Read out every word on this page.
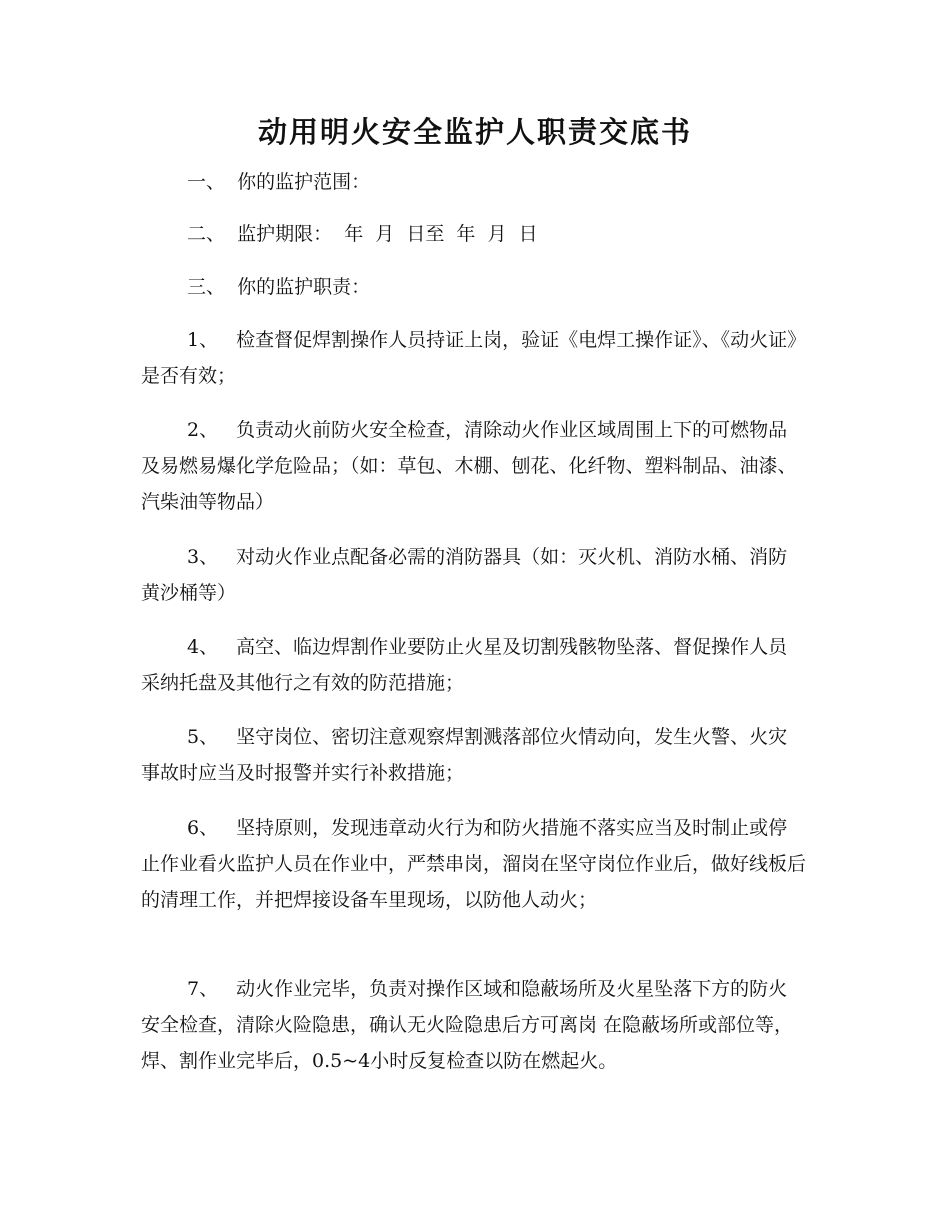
动用明火安全监护人职责交底书
一、 你的监护范围：
二、 监护期限：  年  月  日至  年  月  日
三、 你的监护职责：

1、 检查督促焊割操作人员持证上岗，验证《电焊工操作证》、《动火证》是否有效；

2、 负责动火前防火安全检查，清除动火作业区域周围上下的可燃物品及易燃易爆化学危险品；（如：草包、木棚、刨花、化纤物、塑料制品、油漆、汽柴油等物品）

3、 对动火作业点配备必需的消防器具（如：灭火机、消防水桶、消防黄沙桶等）

4、 高空、临边焊割作业要防止火星及切割残骸物坠落、督促操作人员采纳托盘及其他行之有效的防范措施；

5、 坚守岗位、密切注意观察焊割溅落部位火情动向，发生火警、火灾事故时应当及时报警并实行补救措施；

6、 坚持原则，发现违章动火行为和防火措施不落实应当及时制止或停止作业看火监护人员在作业中，严禁串岗，溜岗在坚守岗位作业后，做好线板后的清理工作，并把焊接设备车里现场，以防他人动火；

7、 动火作业完毕，负责对操作区域和隐蔽场所及火星坠落下方的防火安全检查，清除火险隐患，确认无火险隐患后方可离岗 在隐蔽场所或部位等，焊、割作业完毕后，0.5~4小时反复检查以防在燃起火。
